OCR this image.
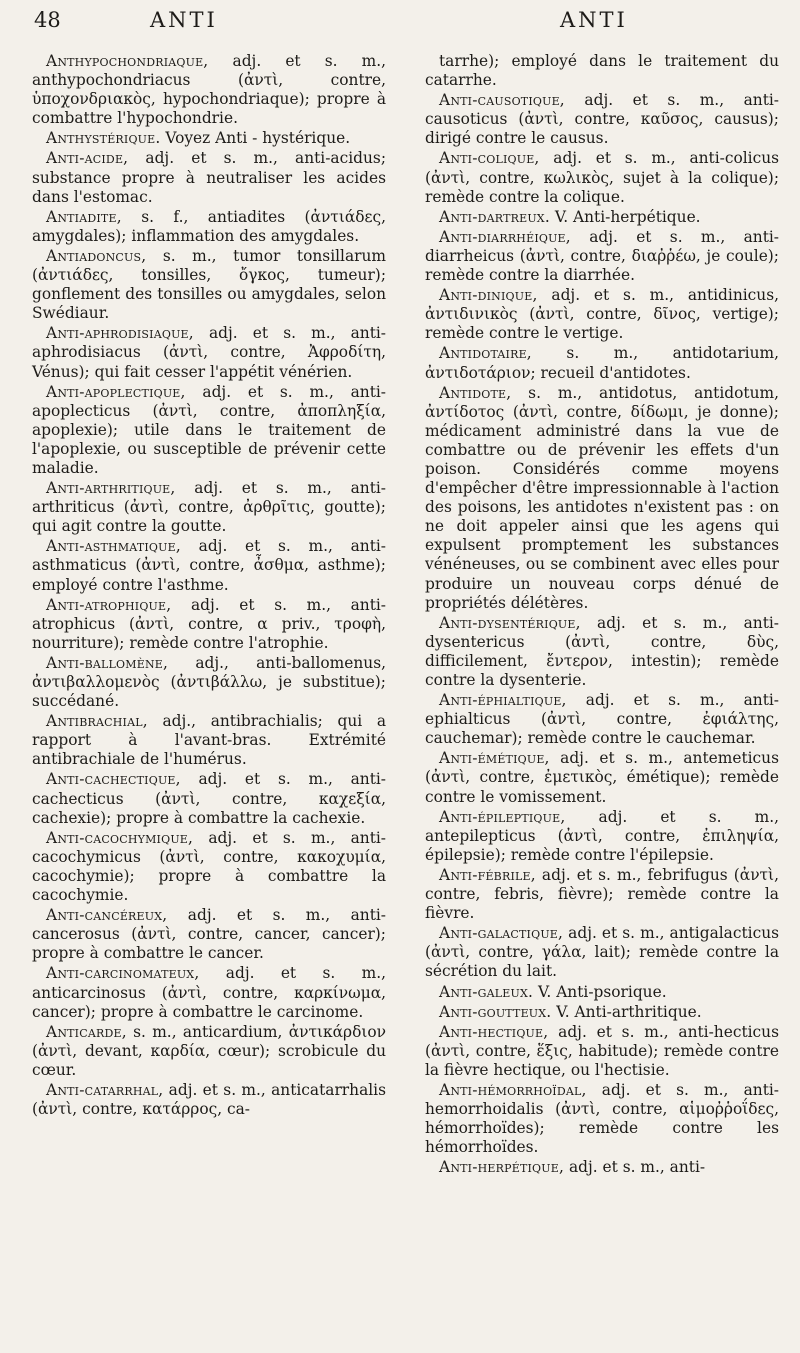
48	ANTI	ANTI

Anthypochondriaque, adj. et s. m., anthypochondriacus (ἀντὶ, contre, ὑποχονδριακὸς, hypochondriaque); propre à combattre l'hypochondrie.

Anthystérique. Voyez Anti - hystérique.

Anti-acide, adj. et s. m., anti-acidus; substance propre à neutraliser les acides dans l'estomac.

Antiadite, s. f., antiadites (ἀντιάδες, amygdales); inflammation des amygdales.

Antiadoncus, s. m., tumor tonsillarum (ἀντιάδες, tonsilles, ὄγκος, tumeur); gonflement des tonsilles ou amygdales, selon Swédiaur.

Anti-aphrodisiaque, adj. et s. m., anti-aphrodisiacus (ἀντὶ, contre, Ἀφροδίτη, Vénus); qui fait cesser l'appétit vénérien.

Anti-apoplectique, adj. et s. m., anti-apoplecticus (ἀντὶ, contre, ἀποπληξία, apoplexie); utile dans le traitement de l'apoplexie, ou susceptible de prévenir cette maladie.

Anti-arthritique, adj. et s. m., anti-arthriticus (ἀντὶ, contre, ἀρθρῖτις, goutte); qui agit contre la goutte.

Anti-asthmatique, adj. et s. m., anti-asthmaticus (ἀντὶ, contre, ἆσθμα, asthme); employé contre l'asthme.

Anti-atrophique, adj. et s. m., anti-atrophicus (ἀντὶ, contre, α priv., τροφὴ, nourriture); remède contre l'atrophie.

Anti-ballomène, adj., anti-ballomenus, ἀντιβαλλομενὸς (ἀντιβάλλω, je substitue); succédané.

Antibrachial, adj., antibrachialis; qui a rapport à l'avant-bras. Extrémité antibrachiale de l'humérus.

Anti-cachectique, adj. et s. m., anti-cachecticus (ἀντὶ, contre, καχεξία, cachexie); propre à combattre la cachexie.

Anti-cacochymique, adj. et s. m., anti-cacochymicus (ἀντὶ, contre, κακοχυμία, cacochymie); propre à combattre la cacochymie.

Anti-cancéreux, adj. et s. m., anti-cancerosus (ἀντὶ, contre, cancer, cancer); propre à combattre le cancer.

Anti-carcinomateux, adj. et s. m., anticarcinosus (ἀντὶ, contre, καρκίνωμα, cancer); propre à combattre le carcinome.

Anticarde, s. m., anticardium, ἀντικάρδιον (ἀντὶ, devant, καρδία, cœur); scrobicule du cœur.

Anti-catarrhal, adj. et s. m., anticatarrhalis (ἀντὶ, contre, κατάρρος, ca-

tarrhe); employé dans le traitement du catarrhe.

Anti-causotique, adj. et s. m., anti-causoticus (ἀντὶ, contre, καῦσος, causus); dirigé contre le causus.

Anti-colique, adj. et s. m., anti-colicus (ἀντὶ, contre, κωλικὸς, sujet à la colique); remède contre la colique.

Anti-dartreux. V. Anti-herpétique.

Anti-diarrhéique, adj. et s. m., anti-diarrheicus (ἀντὶ, contre, διαῤῥέω, je coule); remède contre la diarrhée.

Anti-dinique, adj. et s. m., antidinicus, ἀντιδινικὸς (ἀντὶ, contre, δῖνος, vertige); remède contre le vertige.

Antidotaire, s. m., antidotarium, ἀντιδοτάριον; recueil d'antidotes.

Antidote, s. m., antidotus, antidotum, ἀντίδοτος (ἀντὶ, contre, δίδωμι, je donne); médicament administré dans la vue de combattre ou de prévenir les effets d'un poison. Considérés comme moyens d'empêcher d'être impressionnable à l'action des poisons, les antidotes n'existent pas : on ne doit appeler ainsi que les agens qui expulsent promptement les substances vénéneuses, ou se combinent avec elles pour produire un nouveau corps dénué de propriétés délétères.

Anti-dysentérique, adj. et s. m., anti-dysentericus (ἀντὶ, contre, δὺς, difficilement, ἔντερον, intestin); remède contre la dysenterie.

Anti-éphialtique, adj. et s. m., anti-ephialticus (ἀντὶ, contre, ἐφιάλτης, cauchemar); remède contre le cauchemar.

Anti-émétique, adj. et s. m., antemeticus (ἀντὶ, contre, ἐμετικὸς, émétique); remède contre le vomissement.

Anti-épileptique, adj. et s. m., antepilepticus (ἀντὶ, contre, ἐπιληψία, épilepsie); remède contre l'épilepsie.

Anti-fébrile, adj. et s. m., febrifugus (ἀντὶ, contre, febris, fièvre); remède contre la fièvre.

Anti-galactique, adj. et s. m., antigalacticus (ἀντὶ, contre, γάλα, lait); remède contre la sécrétion du lait.

Anti-galeux. V. Anti-psorique.

Anti-goutteux. V. Anti-arthritique.

Anti-hectique, adj. et s. m., anti-hecticus (ἀντὶ, contre, ἕξις, habitude); remède contre la fièvre hectique, ou l'hectisie.

Anti-hémorrhoïdal, adj. et s. m., anti-hemorrhoidalis (ἀντὶ, contre, αἱμοῤῥοΐδες, hémorrhoïdes); remède contre les hémorrhoïdes.

Anti-herpétique, adj. et s. m., anti-
